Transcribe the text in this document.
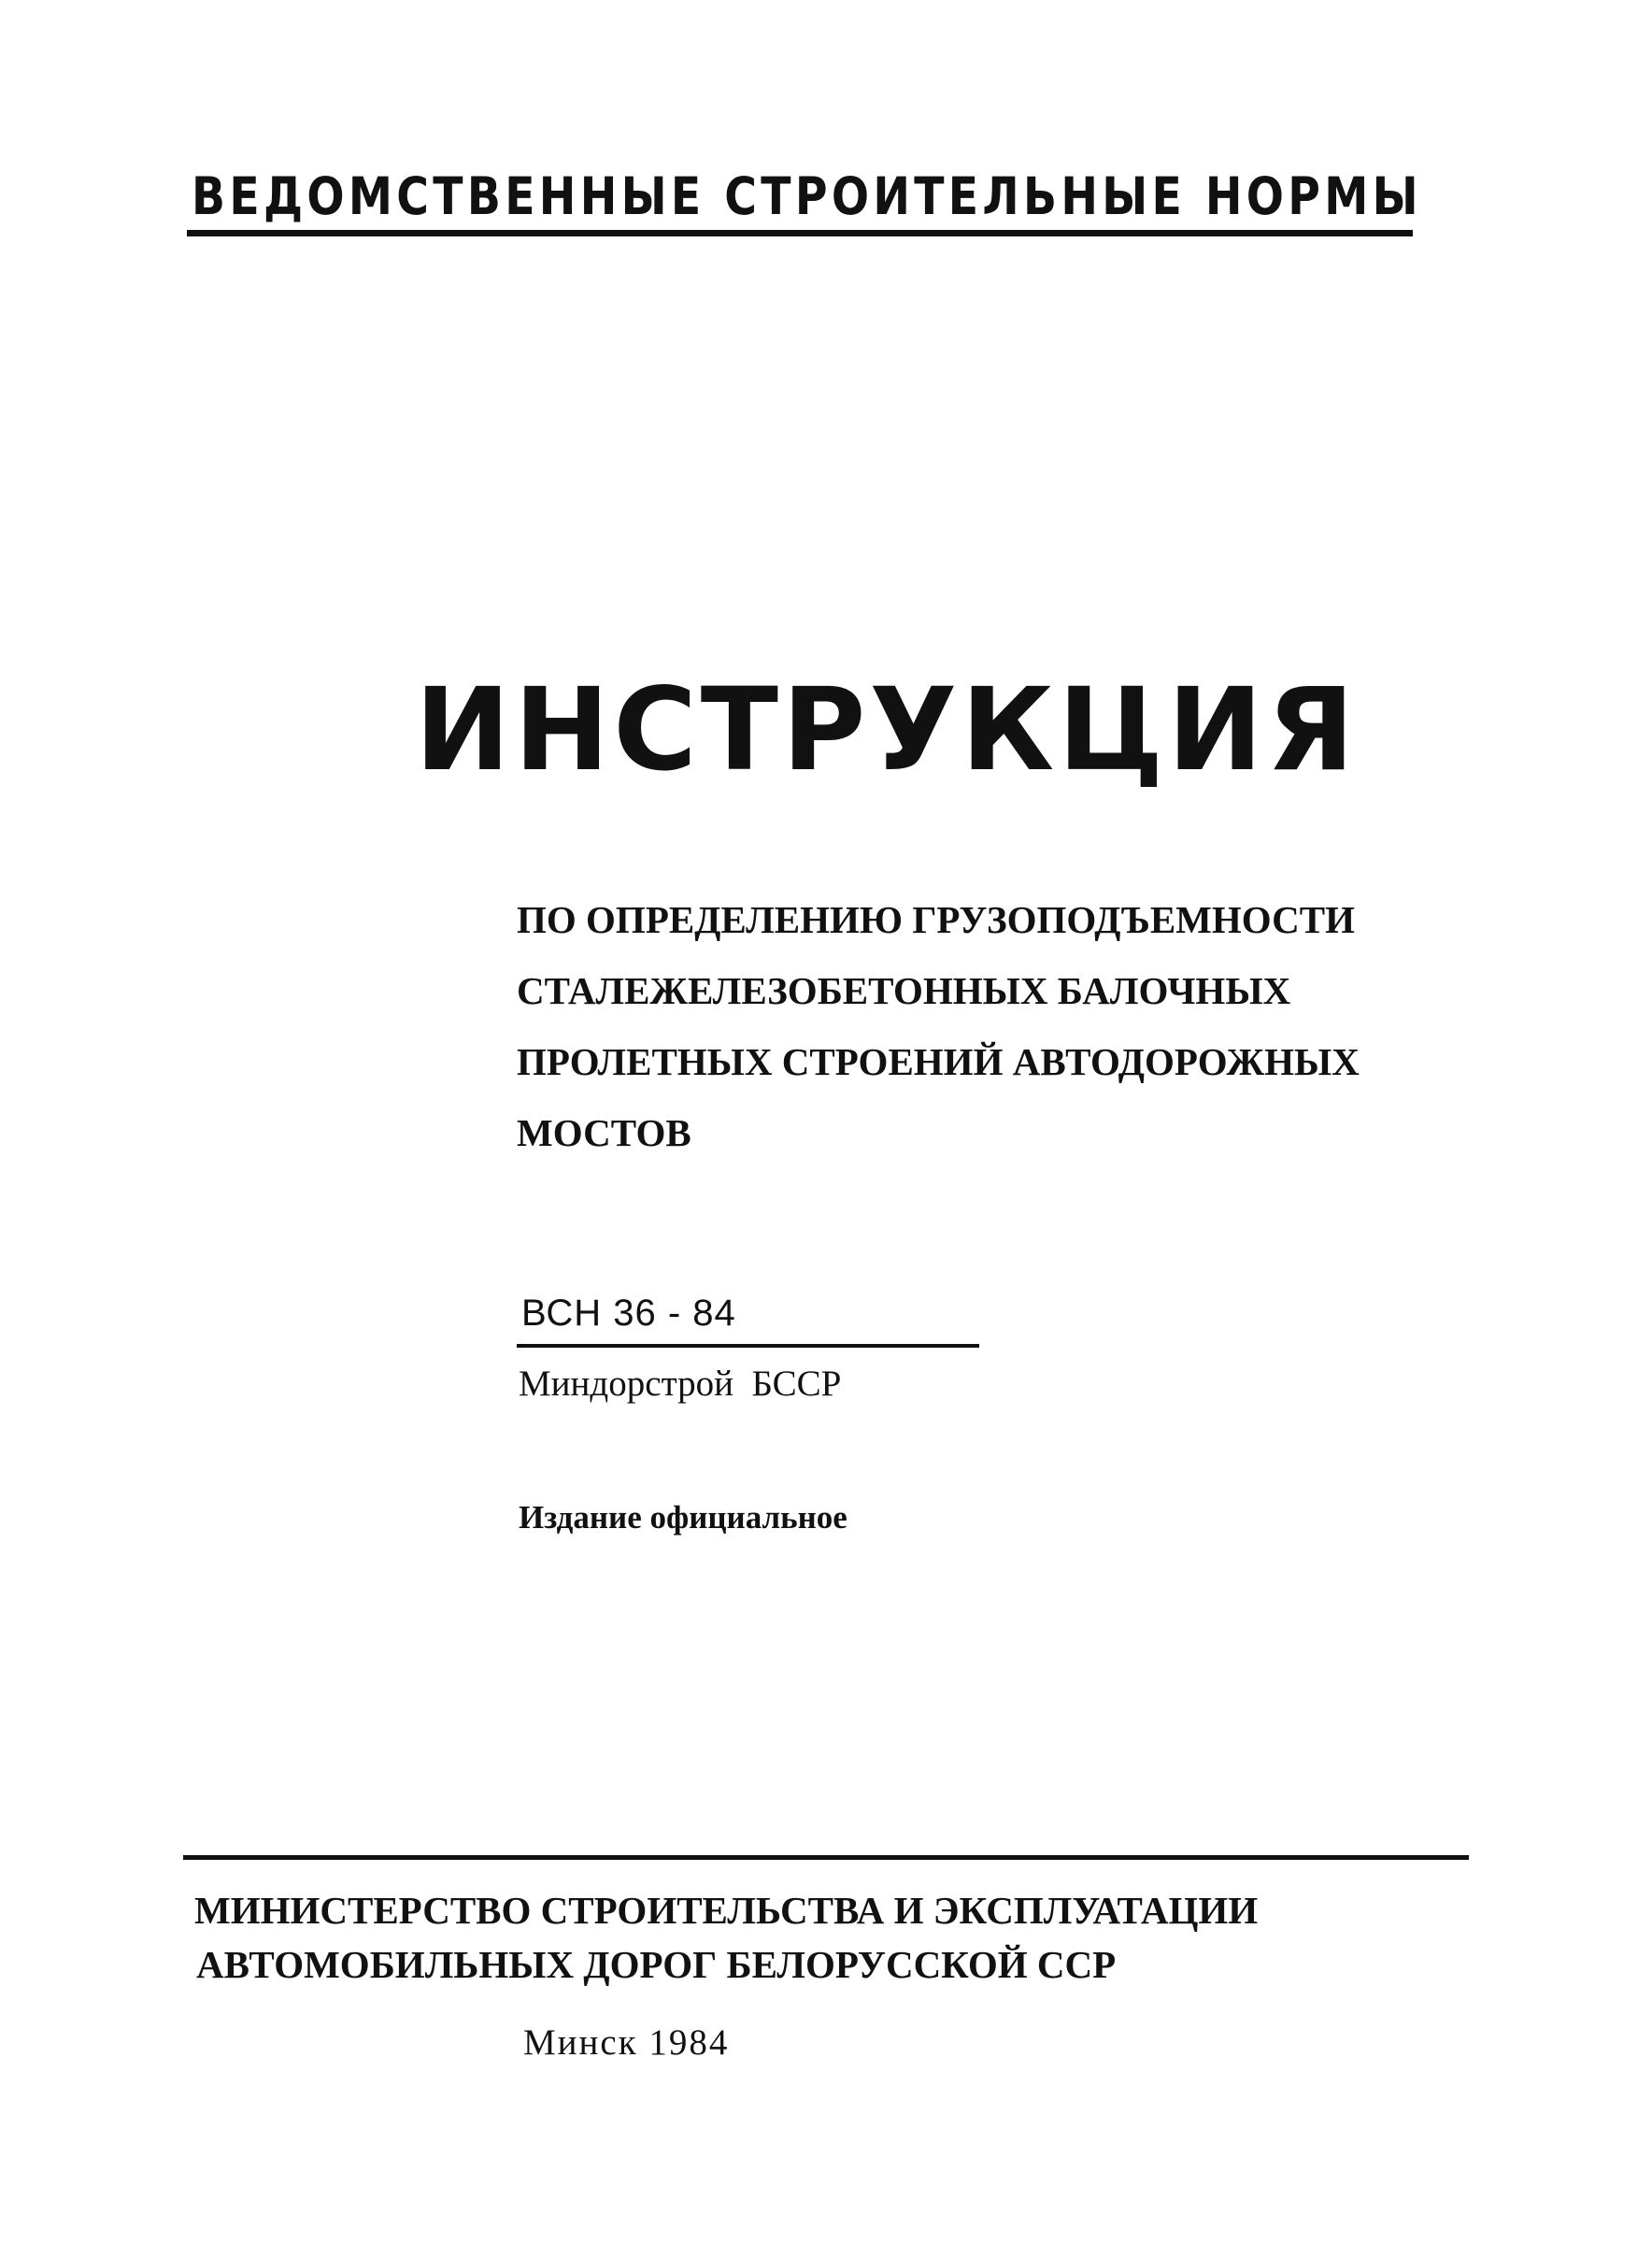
ВЕДОМСТВЕННЫЕ СТРОИТЕЛЬНЫЕ НОРМЫ
ИНСТРУКЦИЯ
ПО ОПРЕДЕЛЕНИЮ ГРУЗОПОДЪЕМНОСТИ
СТАЛЕЖЕЛЕЗОБЕТОННЫХ БАЛОЧНЫХ
ПРОЛЕТНЫХ СТРОЕНИЙ АВТОДОРОЖНЫХ
МОСТОВ
ВСН 36 - 84
Миндорстрой  БССР
Издание официальное
МИНИСТЕРСТВО СТРОИТЕЛЬСТВА И ЭКСПЛУАТАЦИИ
АВТОМОБИЛЬНЫХ ДОРОГ БЕЛОРУССКОЙ ССР
Минск 1984
